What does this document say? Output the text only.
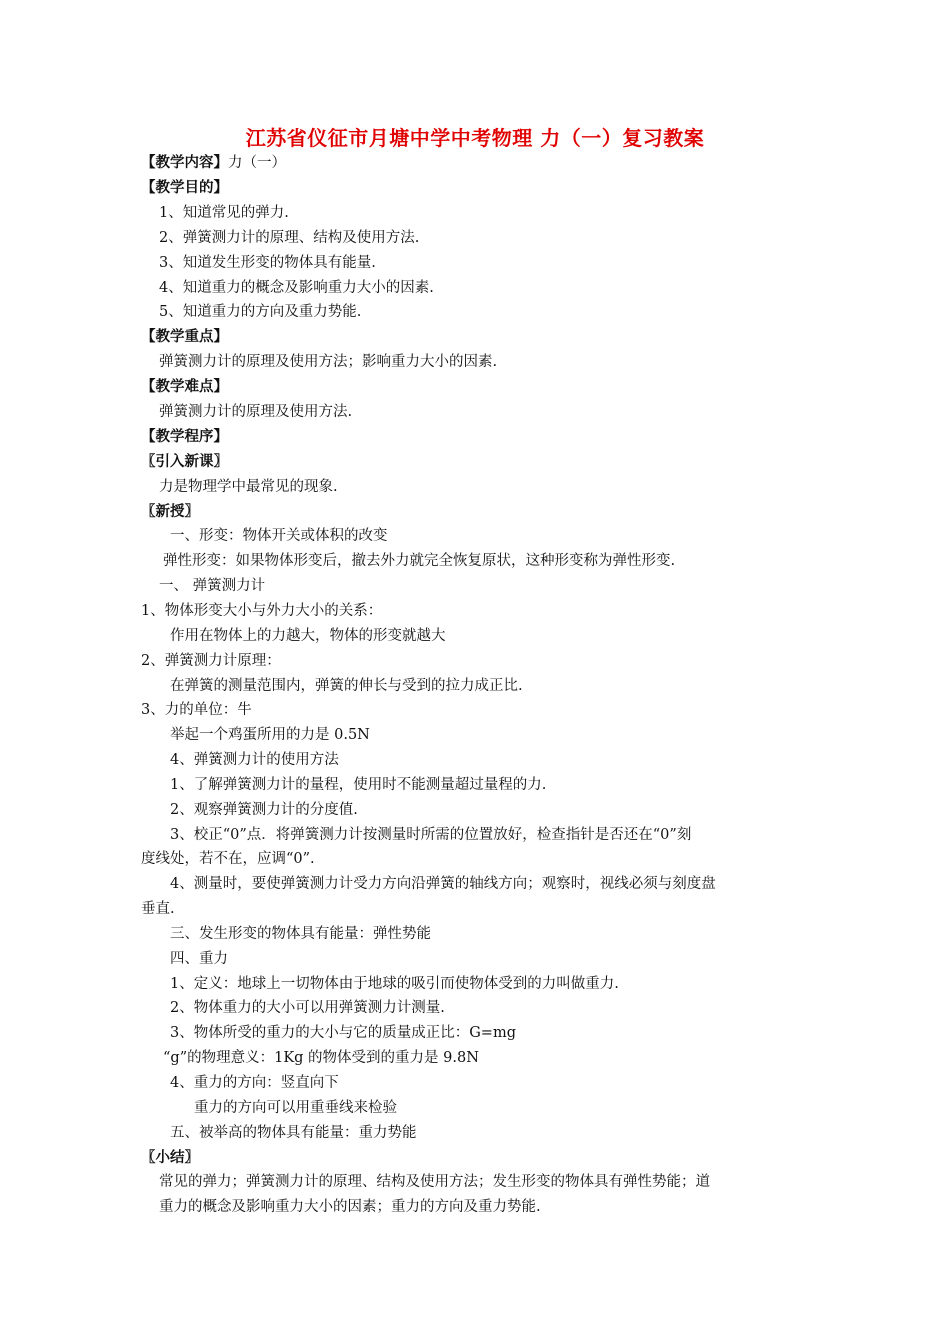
江苏省仪征市月塘中学中考物理 力（一）复习教案
【教学内容】力（一）
【教学目的】
1、知道常见的弹力.
2、弹簧测力计的原理、结构及使用方法.
3、知道发生形变的物体具有能量.
4、知道重力的概念及影响重力大小的因素.
5、知道重力的方向及重力势能.
【教学重点】
弹簧测力计的原理及使用方法；影响重力大小的因素.
【教学难点】
弹簧测力计的原理及使用方法.
【教学程序】
〖引入新课〗
力是物理学中最常见的现象.
〖新授〗
一、形变：物体开关或体积的改变
弹性形变：如果物体形变后，撤去外力就完全恢复原状，这种形变称为弹性形变.
一、 弹簧测力计
1、物体形变大小与外力大小的关系：
作用在物体上的力越大，物体的形变就越大
2、弹簧测力计原理：
在弹簧的测量范围内，弹簧的伸长与受到的拉力成正比.
3、力的单位：牛
举起一个鸡蛋所用的力是 0.5N
4、弹簧测力计的使用方法
1、了解弹簧测力计的量程，使用时不能测量超过量程的力.
2、观察弹簧测力计的分度值.
3、校正“0”点．将弹簧测力计按测量时所需的位置放好，检查指针是否还在“0”刻
度线处，若不在，应调“0”.
4、测量时，要使弹簧测力计受力方向沿弹簧的轴线方向；观察时，视线必须与刻度盘
垂直.
三、发生形变的物体具有能量：弹性势能
四、重力
1、定义：地球上一切物体由于地球的吸引而使物体受到的力叫做重力.
2、物体重力的大小可以用弹簧测力计测量.
3、物体所受的重力的大小与它的质量成正比：G=mg
“g”的物理意义：1Kg 的物体受到的重力是 9.8N
4、重力的方向：竖直向下
重力的方向可以用重垂线来检验
五、被举高的物体具有能量：重力势能
〖小结〗
常见的弹力；弹簧测力计的原理、结构及使用方法；发生形变的物体具有弹性势能；道
重力的概念及影响重力大小的因素；重力的方向及重力势能.
